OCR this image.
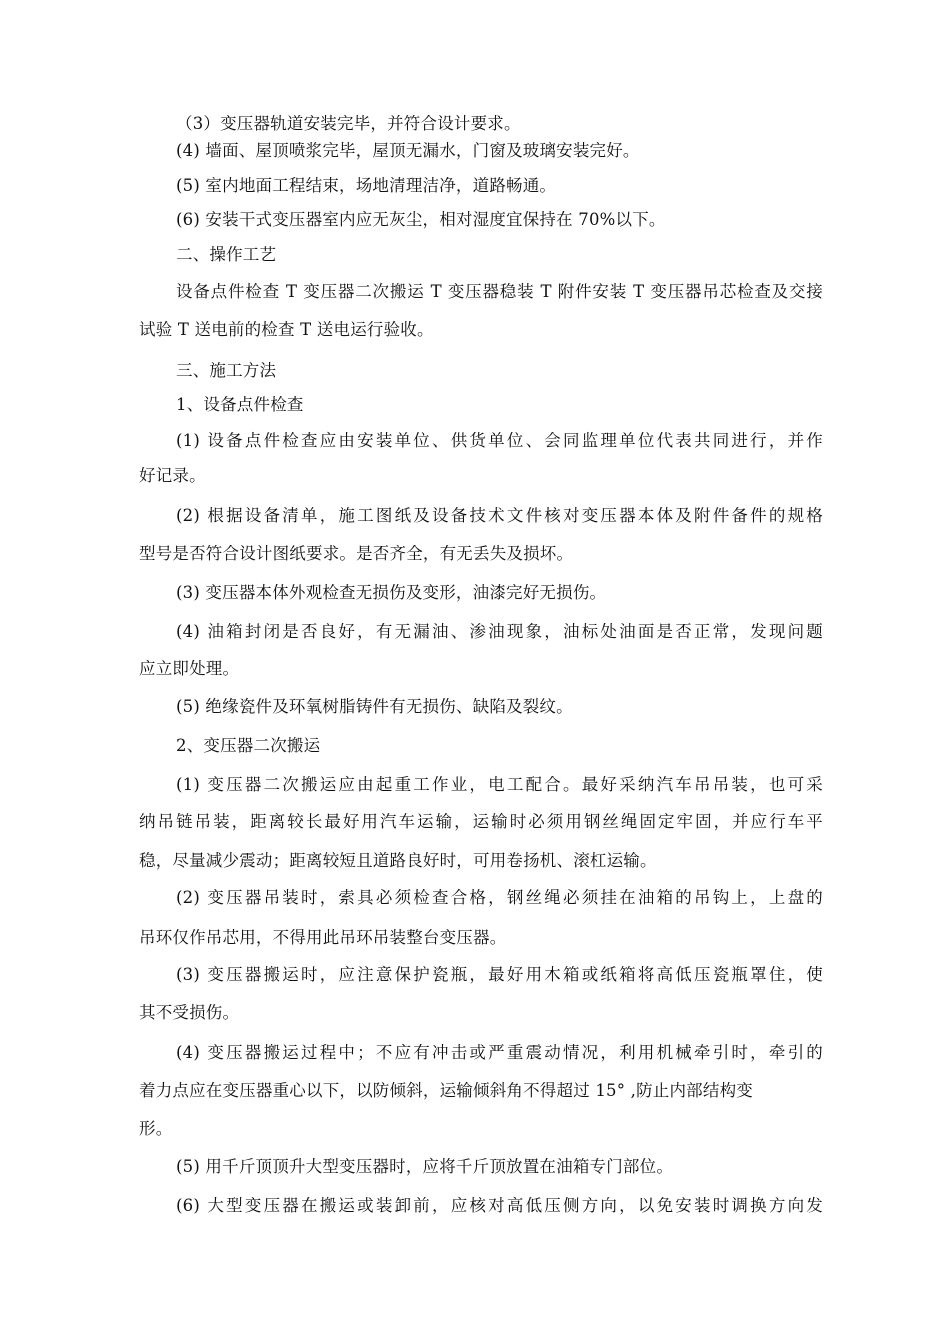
（3）变压器轨道安装完毕，并符合设计要求。
(4) 墙面、屋顶喷浆完毕，屋顶无漏水，门窗及玻璃安装完好。
(5) 室内地面工程结束，场地清理洁净，道路畅通。
(6) 安装干式变压器室内应无灰尘，相对湿度宜保持在 70%以下。
二、操作工艺
设备点件检查 T 变压器二次搬运 T 变压器稳装 T 附件安装 T 变压器吊芯检查及交接
试验 T 送电前的检查 T 送电运行验收。
三、施工方法
1、设备点件检查
(1) 设备点件检查应由安装单位、供货单位、会同监理单位代表共同进行，并作
好记录。
(2) 根据设备清单，施工图纸及设备技术文件核对变压器本体及附件备件的规格
型号是否符合设计图纸要求。是否齐全，有无丢失及损坏。
(3) 变压器本体外观检查无损伤及变形，油漆完好无损伤。
(4) 油箱封闭是否良好，有无漏油、渗油现象，油标处油面是否正常，发现问题
应立即处理。
(5) 绝缘瓷件及环氧树脂铸件有无损伤、缺陷及裂纹。
2、变压器二次搬运
(1) 变压器二次搬运应由起重工作业，电工配合。最好采纳汽车吊吊装，也可采
纳吊链吊装，距离较长最好用汽车运输，运输时必须用钢丝绳固定牢固，并应行车平
稳，尽量减少震动；距离较短且道路良好时，可用卷扬机、滚杠运输。
(2) 变压器吊装时，索具必须检查合格，钢丝绳必须挂在油箱的吊钩上，上盘的
吊环仅作吊芯用，不得用此吊环吊装整台变压器。
(3) 变压器搬运时，应注意保护瓷瓶，最好用木箱或纸箱将高低压瓷瓶罩住，使
其不受损伤。
(4) 变压器搬运过程中；不应有冲击或严重震动情况，利用机械牵引时，牵引的
着力点应在变压器重心以下，以防倾斜，运输倾斜角不得超过 15° ,防止内部结构变
形。
(5) 用千斤顶顶升大型变压器时，应将千斤顶放置在油箱专门部位。
(6) 大型变压器在搬运或装卸前，应核对高低压侧方向，以免安装时调换方向发
